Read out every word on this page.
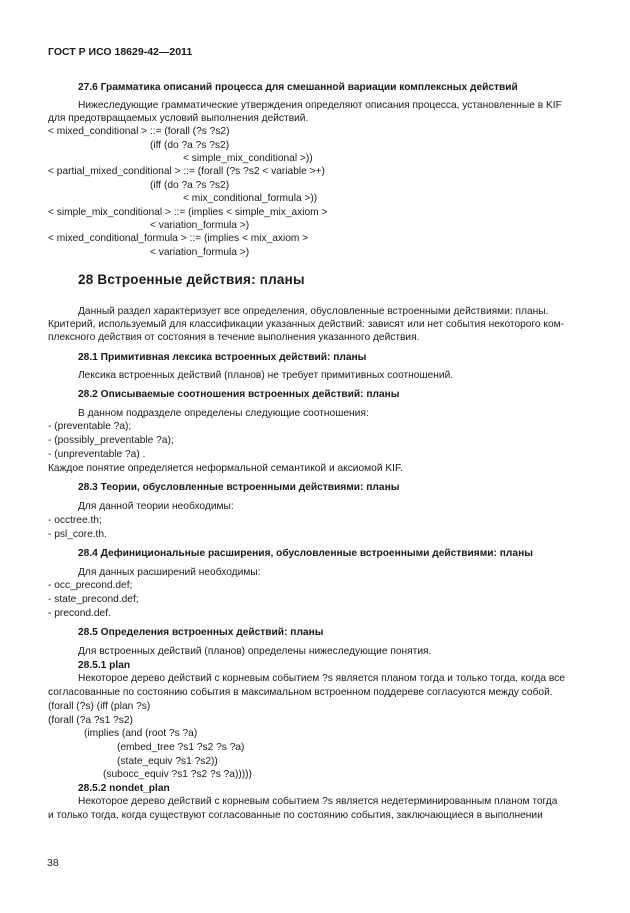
ГОСТ Р ИСО 18629-42—2011
27.6 Грамматика описаний процесса для смешанной вариации комплексных действий
Нижеследующие грамматические утверждения определяют описания процесса, установленные в KIF
для предотвращаемых условий выполнения действий.
< mixed_conditional > ::= (forall (?s ?s2)
(iff (do ?a ?s ?s2)
< simple_mix_conditional >))
< partial_mixed_conditional > ::= (forall (?s ?s2 < variable >+)
(iff (do ?a ?s ?s2)
< mix_conditional_formula >))
< simple_mix_conditional > ::= (implies < simple_mix_axiom >
< variation_formula >)
< mixed_conditional_formula > ::= (implies < mix_axiom >
< variation_formula >)
28 Встроенные действия: планы
Данный раздел характеризует все определения, обусловленные встроенными действиями: планы.
Критерий, используемый для классификации указанных действий: зависят или нет события некоторого ком-
плексного действия от состояния в течение выполнения указанного действия.
28.1 Примитивная лексика встроенных действий: планы
Лексика встроенных действий (планов) не требует примитивных соотношений.
28.2 Описываемые соотношения встроенных действий: планы
В данном подразделе определены следующие соотношения:
- (preventable ?a);
- (possibly_preventable ?a);
- (unpreventable ?a) .
Каждое понятие определяется неформальной семантикой и аксиомой KIF.
28.3 Теории, обусловленные встроенными действиями: планы
Для данной теории необходимы:
- occtree.th;
- psl_core.th.
28.4 Дефинициональные расширения, обусловленные встроенными действиями: планы
Для данных расширений необходимы:
- occ_precond.def;
- state_precond.def;
- precond.def.
28.5 Определения встроенных действий: планы
Для встроенных действий (планов) определены нижеследующие понятия.
28.5.1 plan
Некоторое дерево действий с корневым событием ?s является планом тогда и только тогда, когда все
согласованные по состоянию события в максимальном встроенном поддереве согласуются между собой.
(forall (?s) (iff (plan ?s)
(forall (?a ?s1 ?s2)
(implies (and (root ?s ?a)
(embed_tree ?s1 ?s2 ?s ?a)
(state_equiv ?s1 ?s2))
(subocc_equiv ?s1 ?s2 ?s ?a)))))
28.5.2 nondet_plan
Некоторое дерево действий с корневым событием ?s является недетерминированным планом тогда
и только тогда, когда существуют согласованные по состоянию события, заключающиеся в выполнении
38
